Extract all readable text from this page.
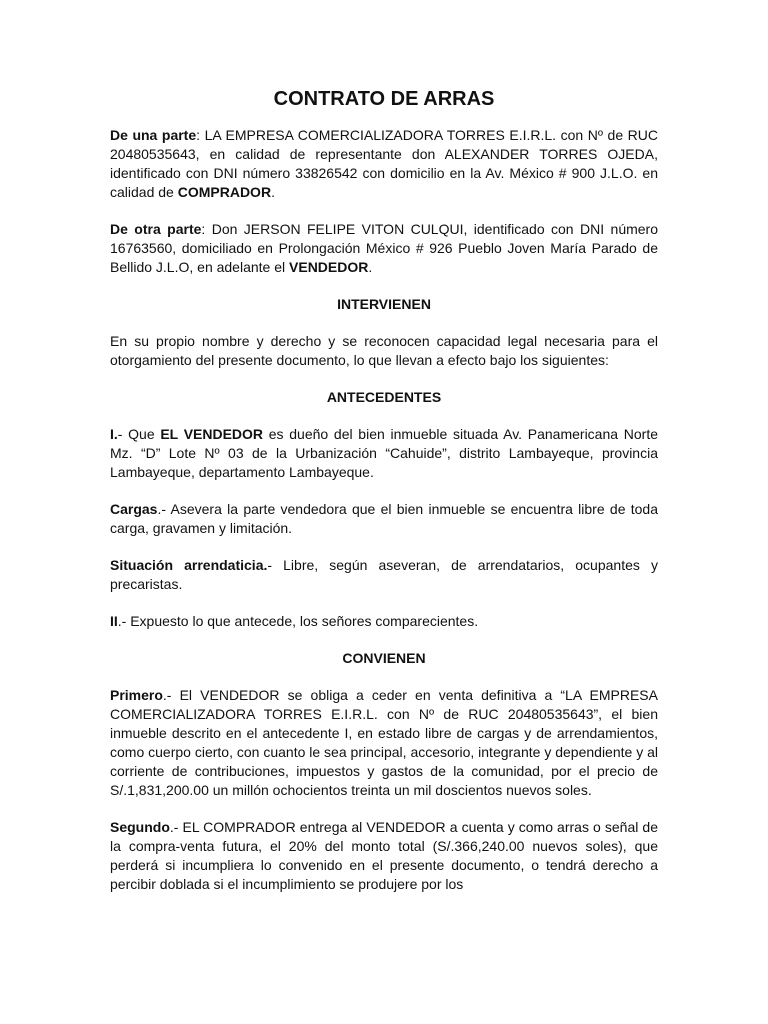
CONTRATO DE ARRAS

De una parte: LA EMPRESA COMERCIALIZADORA TORRES E.I.R.L. con Nº de RUC 20480535643, en calidad de representante don ALEXANDER TORRES OJEDA, identificado con DNI número 33826542 con domicilio en la Av. México # 900 J.L.O. en calidad de COMPRADOR.

De otra parte: Don JERSON FELIPE VITON CULQUI, identificado con DNI número 16763560, domiciliado en Prolongación México # 926 Pueblo Joven María Parado de Bellido J.L.O, en adelante el VENDEDOR.

INTERVIENEN

En su propio nombre y derecho y se reconocen capacidad legal necesaria para el otorgamiento del presente documento, lo que llevan a efecto bajo los siguientes:

ANTECEDENTES

I.- Que EL VENDEDOR es dueño del bien inmueble situada Av. Panamericana Norte Mz. “D” Lote Nº 03 de la Urbanización “Cahuide”, distrito Lambayeque, provincia Lambayeque, departamento Lambayeque.

Cargas.- Asevera la parte vendedora que el bien inmueble se encuentra libre de toda carga, gravamen y limitación.

Situación arrendaticia.- Libre, según aseveran, de arrendatarios, ocupantes y precaristas.

II.- Expuesto lo que antecede, los señores comparecientes.

CONVIENEN

Primero.- El VENDEDOR se obliga a ceder en venta definitiva a “LA EMPRESA COMERCIALIZADORA TORRES E.I.R.L. con Nº de RUC 20480535643”, el bien inmueble descrito en el antecedente I, en estado libre de cargas y de arrendamientos, como cuerpo cierto, con cuanto le sea principal, accesorio, integrante y dependiente y al corriente de contribuciones, impuestos y gastos de la comunidad, por el precio de S/.1,831,200.00 un millón ochocientos treinta un mil doscientos nuevos soles.

Segundo.- EL COMPRADOR entrega al VENDEDOR a cuenta y como arras o señal de la compra-venta futura, el 20% del monto total (S/.366,240.00 nuevos soles), que perderá si incumpliera lo convenido en el presente documento, o tendrá derecho a percibir doblada si el incumplimiento se produjere por los
